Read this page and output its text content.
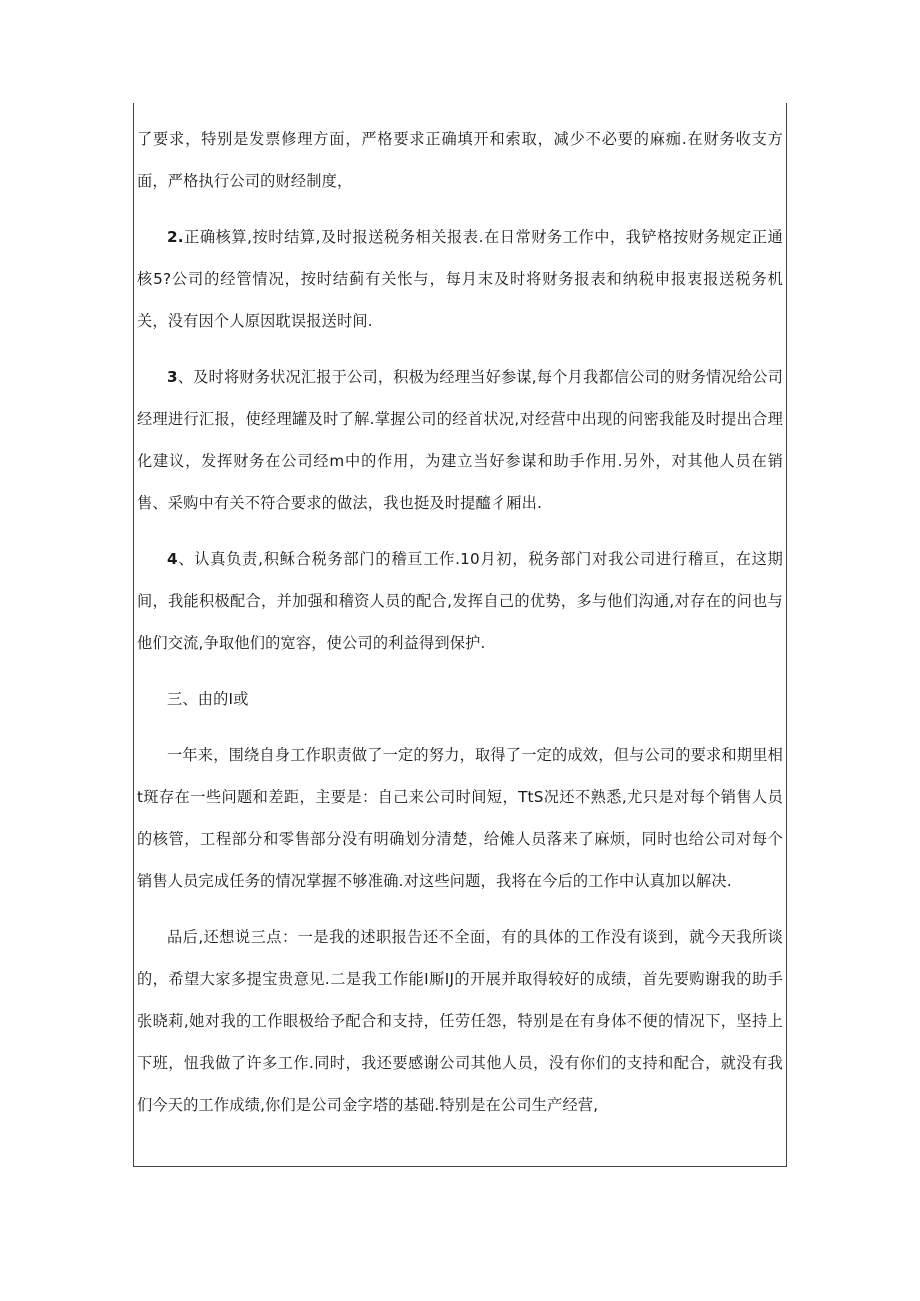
了要求，特别是发票修理方面，严格要求正确填开和索取，减少不必要的麻痂.在财务收支方面，严格执行公司的财经制度，

2.正确核算,按时结算,及时报送税务相关报表.在日常财务工作中，我铲格按财务规定正通核5?公司的经管情况，按时结蓟有关怅与，每月末及时将财务报表和纳税申报衷报送税务机关，没有因个人原因耽误报送时间.

3、及时将财务状况汇报于公司，积极为经理当好参谋,每个月我都信公司的财务情况给公司经理进行汇报，使经理罐及时了解.掌握公司的经首状况,对经营中出现的问密我能及时提出合理化建议，发挥财务在公司经m中的作用，为建立当好参谋和助手作用.另外，对其他人员在销售、采购中有关不符合要求的做法，我也挺及时提醯彳厢出.

4、认真负责,积稣合税务部门的稽亘工作.10月初，税务部门对我公司进行稽亘，在这期间，我能积极配合，并加强和稽资人员的配合,发挥自己的优势，多与他们沟通,对存在的问也与他们交流,争取他们的宽容，使公司的利益得到保护.

三、由的I或

一年来，围绕自身工作职责做了一定的努力，取得了一定的成效，但与公司的要求和期里相t斑存在一些问题和差距，主要是：自己来公司时间短，TtS况还不熟悉,尤只是对每个销售人员的核管，工程部分和零售部分没有明确划分清楚，给傩人员落来了麻烦，同时也给公司对每个销售人员完成任务的情况掌握不够准确.对这些问题，我将在今后的工作中认真加以解决.

品后,还想说三点：一是我的述职报告还不全面，有的具体的工作没有谈到，就今天我所谈的，希望大家多提宝贵意见.二是我工作能I厮IJ的开展并取得较好的成绩，首先要购谢我的助手张晓莉,她对我的工作眼极给予配合和支持，任劳任怨，特别是在有身体不便的情况下，坚持上下班，忸我做了许多工作.同时，我还要感谢公司其他人员，没有你们的支持和配合，就没有我们今天的工作成绩,你们是公司金字塔的基础.特别是在公司生产经营,
